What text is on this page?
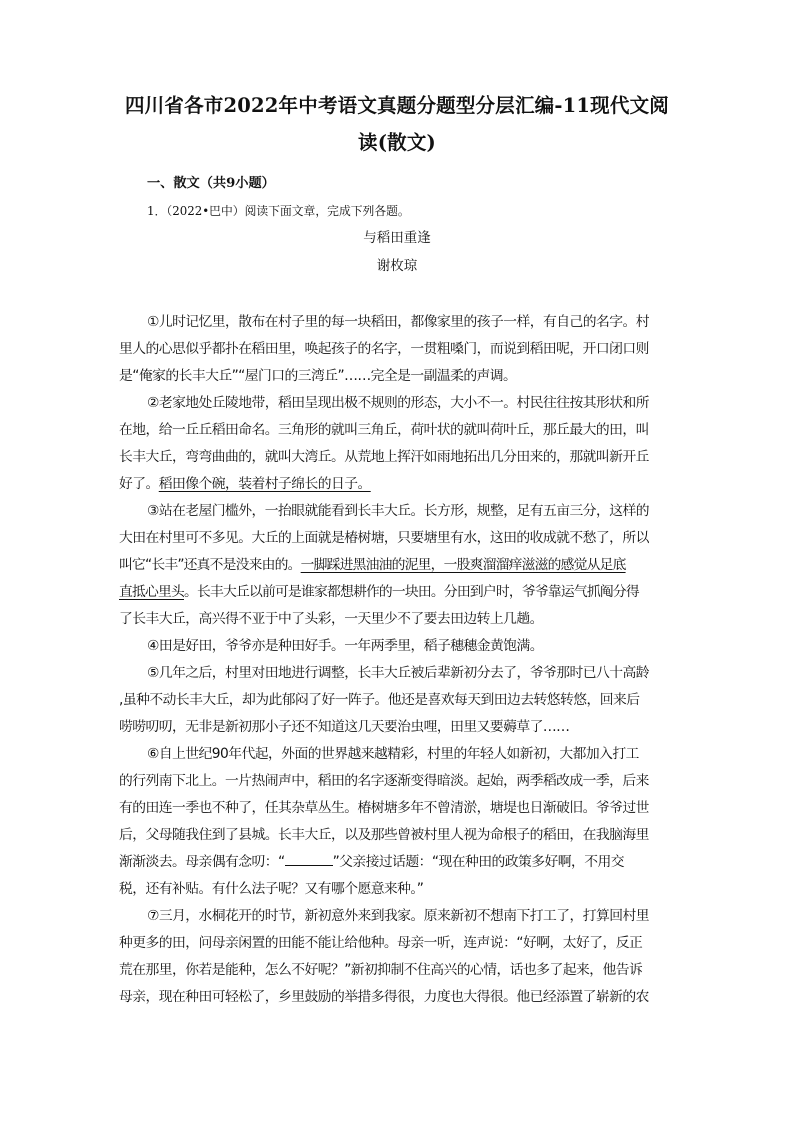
四川省各市2022年中考语文真题分题型分层汇编-11现代文阅
读(散文)
一、散文（共9小题）
1．（2022•巴中）阅读下面文章，完成下列各题。
与稻田重逢
谢枚琼
①儿时记忆里，散布在村子里的每一块稻田，都像家里的孩子一样，有自己的名字。村
里人的心思似乎都扑在稻田里，唤起孩子的名字，一贯粗嗓门，而说到稻田呢，开口闭口则
是“俺家的长丰大丘”“屋门口的三湾丘”……完全是一副温柔的声调。
②老家地处丘陵地带，稻田呈现出极不规则的形态，大小不一。村民往往按其形状和所
在地，给一丘丘稻田命名。三角形的就叫三角丘，荷叶状的就叫荷叶丘，那丘最大的田，叫
长丰大丘，弯弯曲曲的，就叫大湾丘。从荒地上挥汗如雨地拓出几分田来的，那就叫新开丘
好了。稻田像个碗，装着村子绵长的日子。
③站在老屋门槛外，一抬眼就能看到长丰大丘。长方形，规整，足有五亩三分，这样的
大田在村里可不多见。大丘的上面就是椿树塘，只要塘里有水，这田的收成就不愁了，所以
叫它“长丰”还真不是没来由的。一脚踩进黑油油的泥里，一股爽溜溜痒滋滋的感觉从足底
直抵心里头。长丰大丘以前可是谁家都想耕作的一块田。分田到户时，爷爷靠运气抓阄分得
了长丰大丘，高兴得不亚于中了头彩，一天里少不了要去田边转上几趟。
④田是好田，爷爷亦是种田好手。一年两季里，稻子穗穗金黄饱满。
⑤几年之后，村里对田地进行调整，长丰大丘被后辈新初分去了，爷爷那时已八十高龄
,虽种不动长丰大丘，却为此郁闷了好一阵子。他还是喜欢每天到田边去转悠转悠，回来后
唠唠叨叨，无非是新初那小子还不知道这几天要治虫哩，田里又要薅草了……
⑥自上世纪90年代起，外面的世界越来越精彩，村里的年轻人如新初，大都加入打工
的行列南下北上。一片热闹声中，稻田的名字逐渐变得暗淡。起始，两季稻改成一季，后来
有的田连一季也不种了，任其杂草丛生。椿树塘多年不曾清淤，塘堤也日渐破旧。爷爷过世
后，父母随我住到了县城。长丰大丘，以及那些曾被村里人视为命根子的稻田，在我脑海里
渐渐淡去。母亲偶有念叨：“	”父亲接过话题：“现在种田的政策多好啊，不用交
税，还有补贴。有什么法子呢？又有哪个愿意来种。”
⑦三月，水桐花开的时节，新初意外来到我家。原来新初不想南下打工了，打算回村里
种更多的田，问母亲闲置的田能不能让给他种。母亲一听，连声说：“好啊，太好了，反正
荒在那里，你若是能种，怎么不好呢？”新初抑制不住高兴的心情，话也多了起来，他告诉
母亲，现在种田可轻松了，乡里鼓励的举措多得很，力度也大得很。他已经添置了崭新的农
